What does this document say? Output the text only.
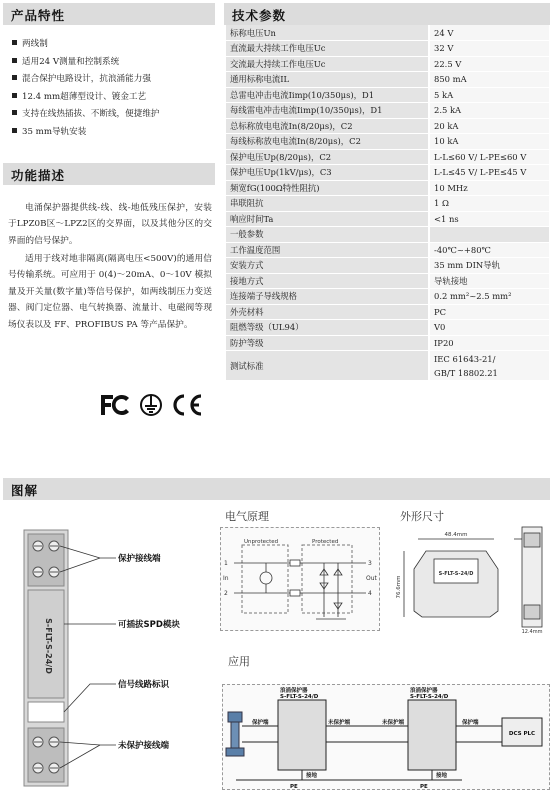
产品特性
两线制
适用24 V测量和控制系统
混合保护电路设计，抗浪涌能力强
12.4 mm超薄型设计、镀金工艺
支持在线热插拔、不断线，便捷维护
35 mm导轨安装
功能描述

电涌保护器提供线-线、线-地低残压保护，安装于LPZ0B区～LPZ2区的交界面，以及其他分区的交界面的信号保护。

适用于线对地非隔离(隔离电压<500V)的通用信号传输系统。可应用于 0(4)～20mA、0～10V 模拟量及开关量(数字量)等信号保护，如两线制压力变送器、阀门定位器、电气转换器、流量计、电磁阀等现场仪表以及 FF、PROFIBUS PA 等产品保护。

技术参数
标称电压Un	24 V
直流最大持续工作电压Uc	32 V
交流最大持续工作电压Uc	22.5 V
通用标称电流IL	850 mA
总雷电冲击电流Iimp(10/350μs)，D1	5 kA
每线雷电冲击电流Iimp(10/350μs)，D1	2.5 kA
总标称放电电流In(8/20μs)，C2	20 kA
每线标称放电电流In(8/20μs)，C2	10 kA
保护电压Up(8/20μs)，C2	L-L≤60 V/ L-PE≤60 V
保护电压Up(1kV/μs)，C3	L-L≤45 V/ L-PE≤45 V
频宽fG(100Ω特性阻抗)	10 MHz
串联阻抗	1 Ω
响应时间Ta	<1 ns
一般参数	
工作温度范围	-40℃~+80℃
安装方式	35 mm DIN导轨
接地方式	导轨接地
连接端子导线规格	0.2 mm²~2.5 mm²
外壳材料	PC
阻燃等级（UL94）	V0
防护等级	IP20
测试标准	IEC 61643-21/
GB/T 18802.21
图解
S-FLT-S-24/D
保护接线端
可插拔SPD模块
信号线路标识
未保护接线端
电气原理
Unprotected	Protected
1
In
2
3
Out
4
外形尺寸
48.4mm
76.6mm
12.4mm
S-FLT-S-24/D
应用
浪涌保护器
S-FLT-S-24/D
浪涌保护器
S-FLT-S-24/D
保护端	未保护端	未保护端	保护端
接地	接地
PE	PE
DCS PLC
